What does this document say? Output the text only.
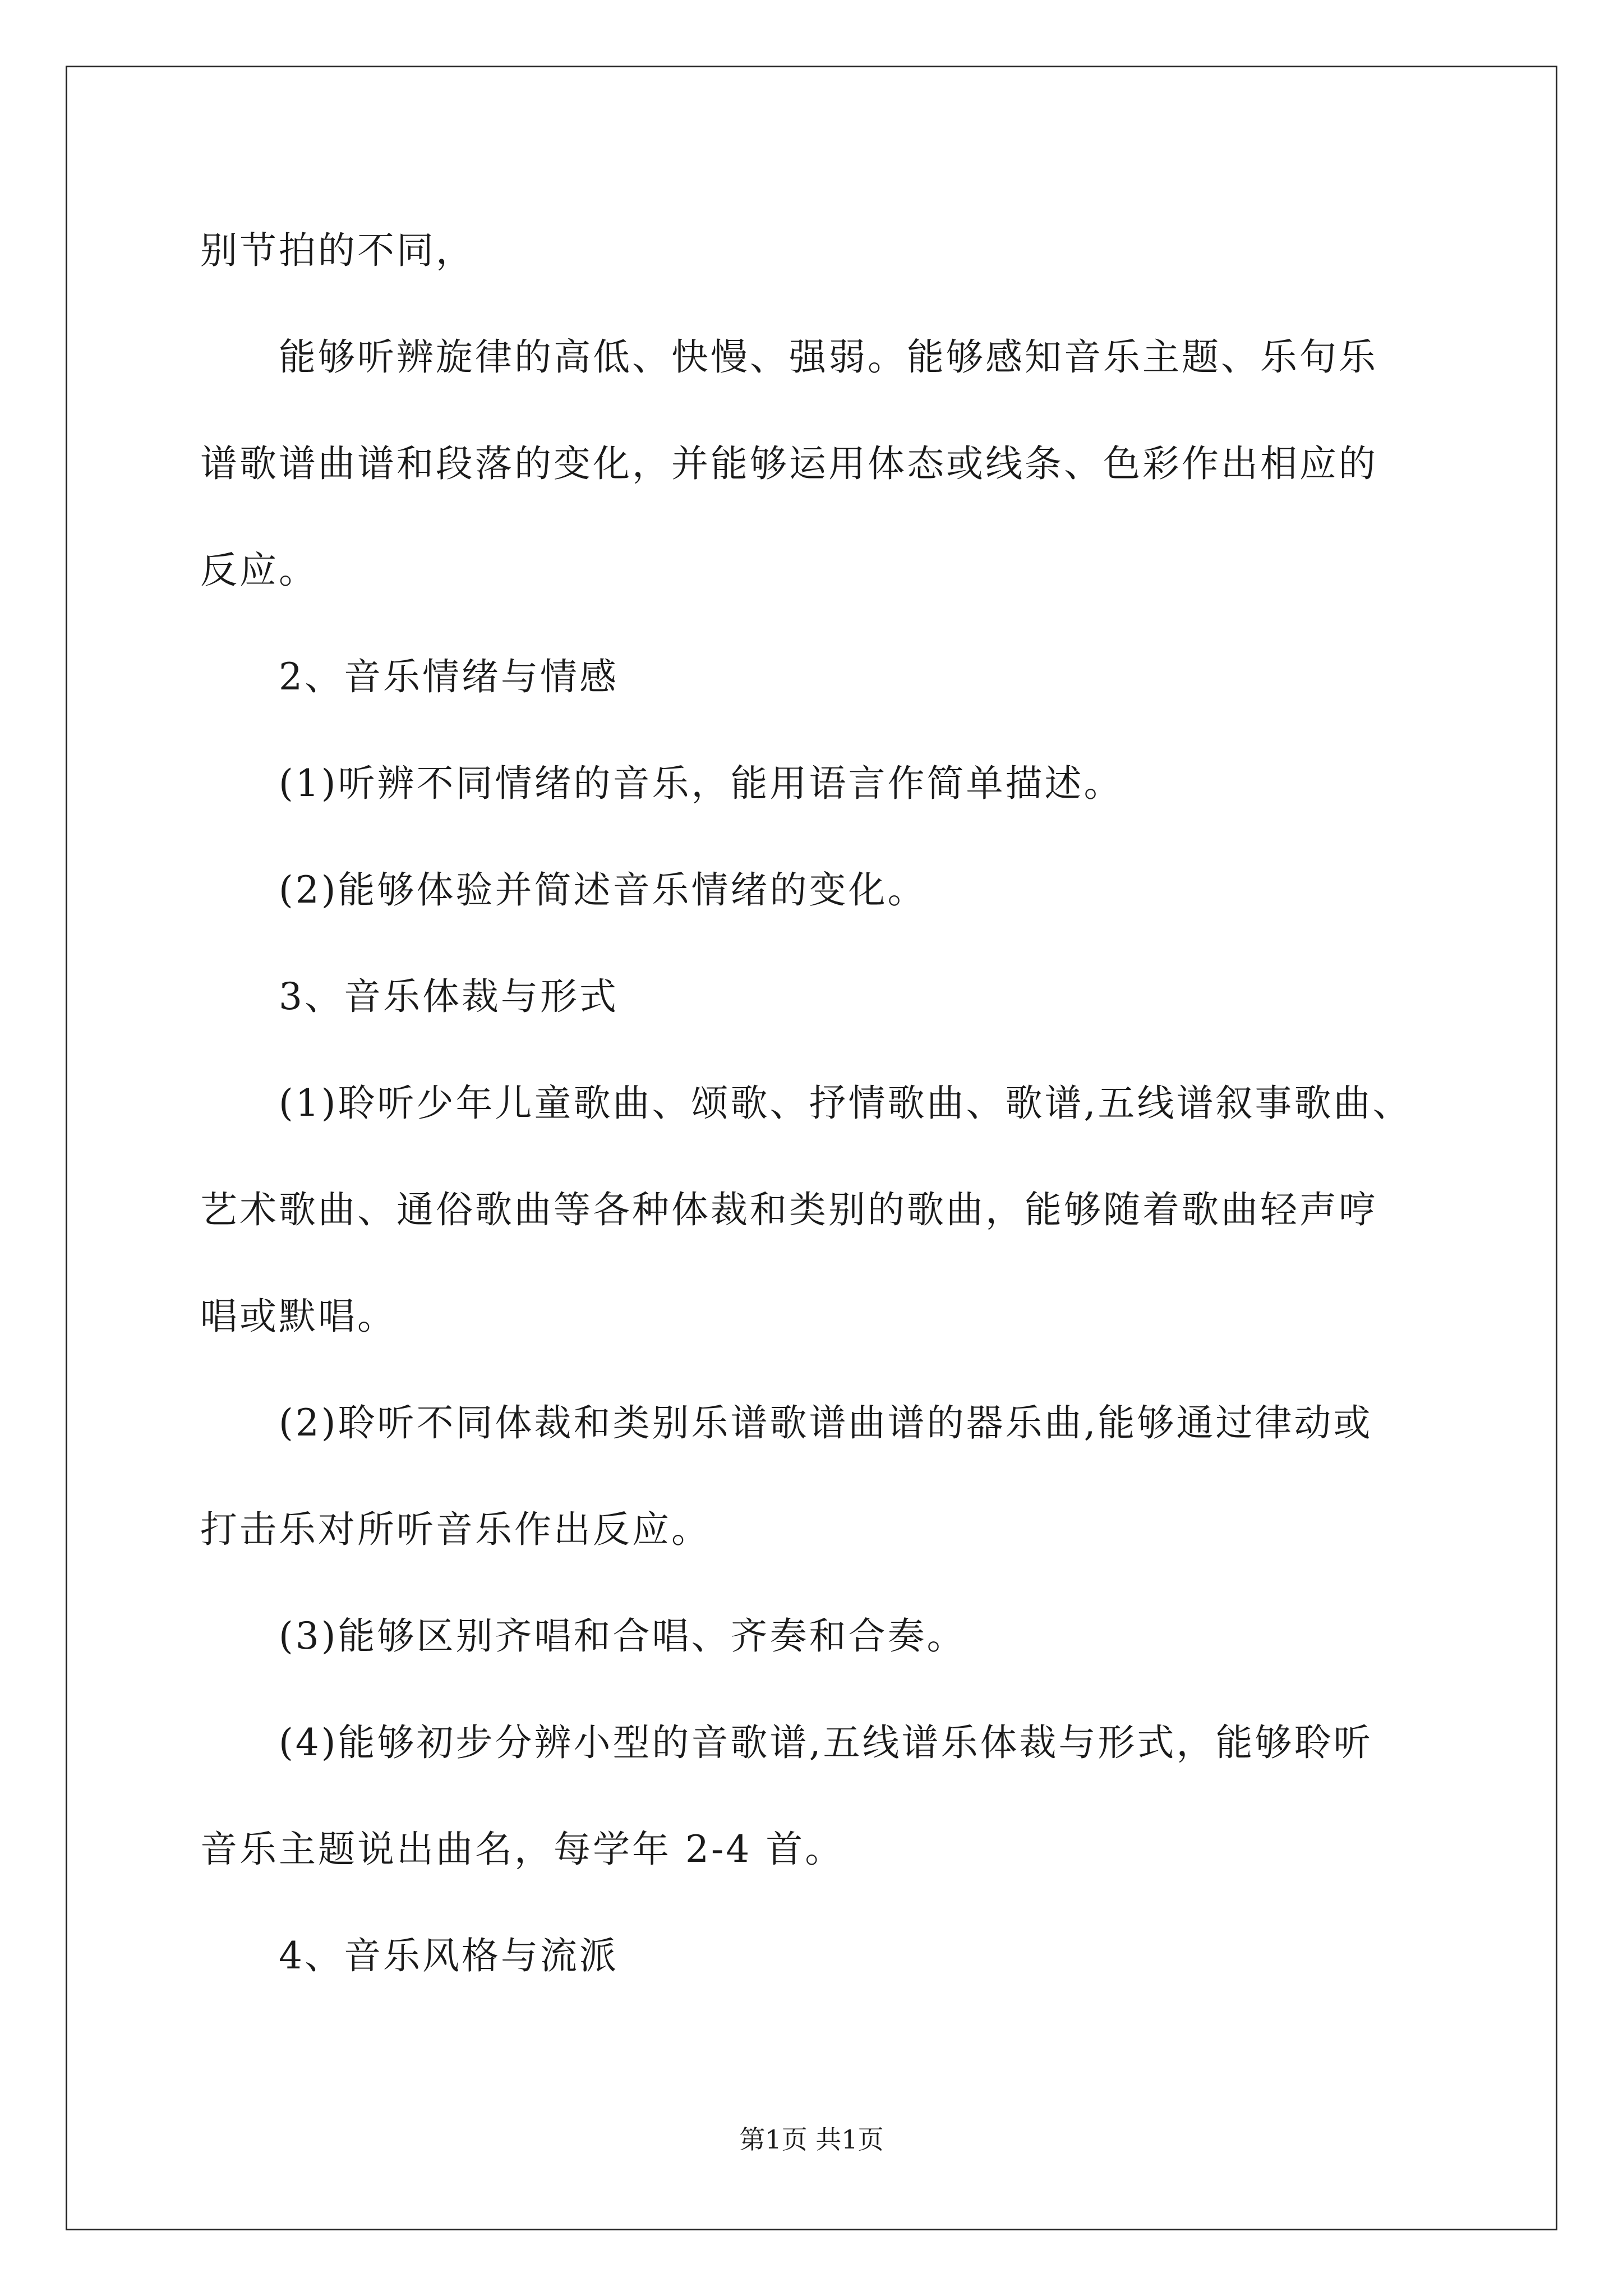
别节拍的不同，
能够听辨旋律的高低、快慢、强弱。能够感知音乐主题、乐句乐
谱歌谱曲谱和段落的变化，并能够运用体态或线条、色彩作出相应的
反应。
2、音乐情绪与情感
(1)听辨不同情绪的音乐，能用语言作简单描述。
(2)能够体验并简述音乐情绪的变化。
3、音乐体裁与形式
(1)聆听少年儿童歌曲、颂歌、抒情歌曲、歌谱,五线谱叙事歌曲、
艺术歌曲、通俗歌曲等各种体裁和类别的歌曲，能够随着歌曲轻声哼
唱或默唱。
(2)聆听不同体裁和类别乐谱歌谱曲谱的器乐曲,能够通过律动或
打击乐对所听音乐作出反应。
(3)能够区别齐唱和合唱、齐奏和合奏。
(4)能够初步分辨小型的音歌谱,五线谱乐体裁与形式，能够聆听
音乐主题说出曲名，每学年 2-4 首。
4、音乐风格与流派
第1页 共1页
